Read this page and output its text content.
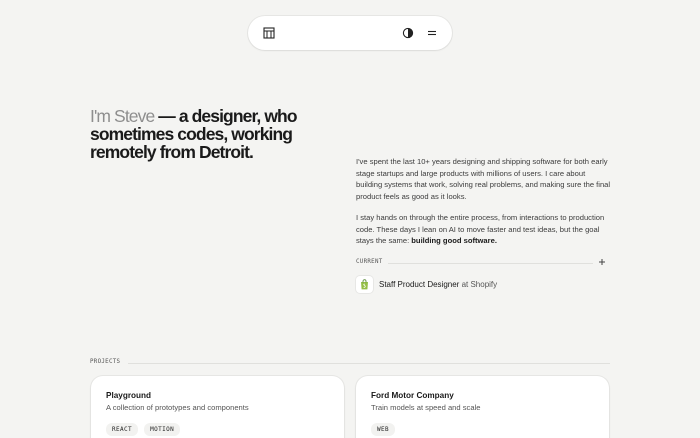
I'm Steve — a designer, who sometimes codes, working remotely from Detroit.	I've spent the last 10+ years designing and shipping software for both early stage startups and large products with millions of users. I care about building systems that work, solving real problems, and making sure the final product feels as good as it looks.

I stay hands on through the entire process, from interactions to production code. These days I lean on AI to move faster and test ideas, but the goal stays the same: building good software.

CURRENT
Staff Product Designer at Shopify
PROJECTS
Playground
A collection of prototypes and components
REACT	MOTION
Ford Motor Company
Train models at speed and scale
WEB
